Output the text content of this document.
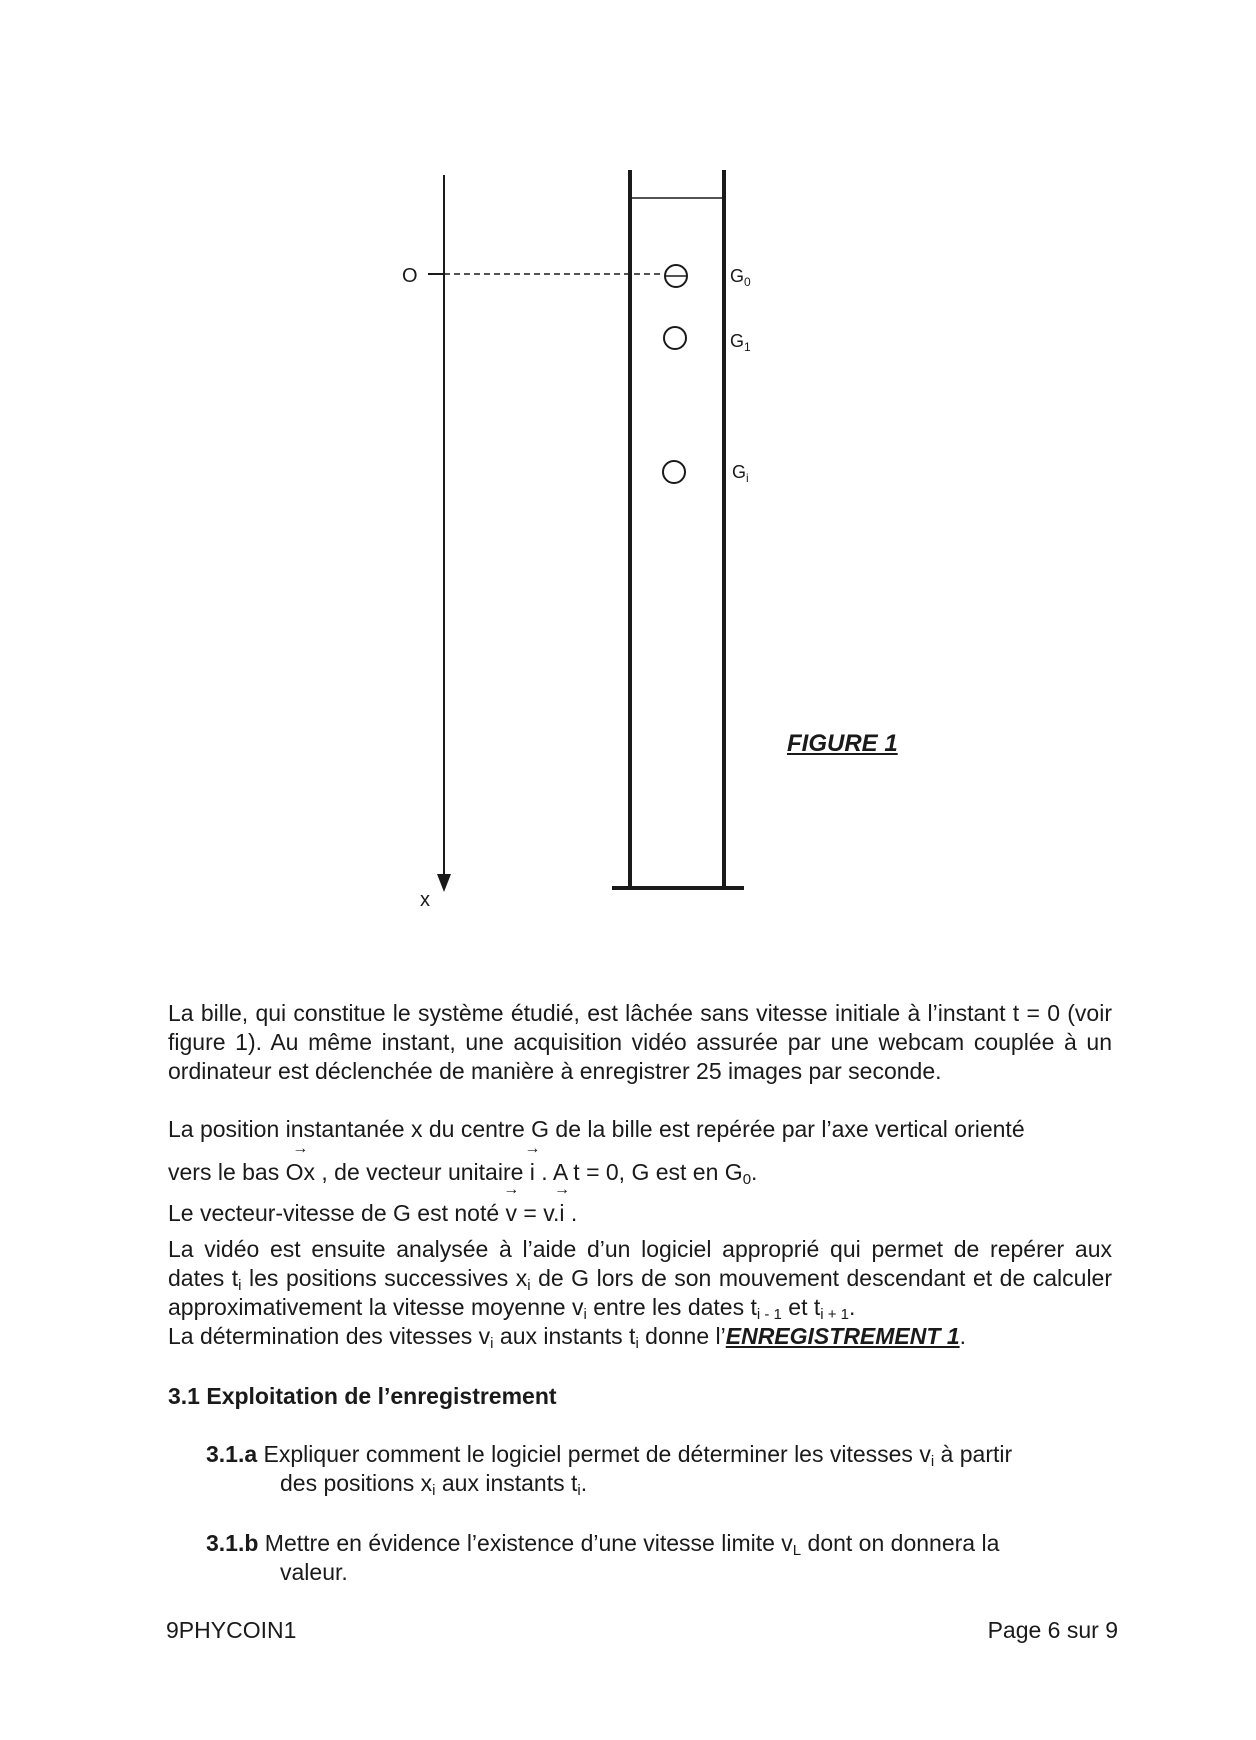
x
O	$G_0$
$G_1$
$G_i$
FIGURE 1
La bille, qui constitue le système étudié, est lâchée sans vitesse initiale à l’instant t = 0 (voir figure 1). Au même instant, une acquisition vidéo assurée par une webcam couplée à un ordinateur est déclenchée de manière à enregistrer 25 images par seconde.
La position instantanée x du centre G de la bille est repérée par l’axe vertical orienté
vers le bas → Ox , de vecteur unitaire → i . A t = 0, G est en $G_0$.
Le vecteur-vitesse de G est noté → v = v.→ i .
La vidéo est ensuite analysée à l’aide d’un logiciel approprié qui permet de repérer aux dates $t_i$ les positions successives $x_i$ de G lors de son mouvement descendant et de calculer approximativement la vitesse moyenne $v_i$ entre les dates $t_{i - 1}$ et $t_{i + 1}$.
La détermination des vitesses $v_i$ aux instants $t_i$ donne l’ENREGISTREMENT 1.
3.1 Exploitation de l’enregistrement
3.1.a Expliquer comment le logiciel permet de déterminer les vitesses $v_i$ à partir
des positions $x_i$ aux instants $t_i$.
3.1.b Mettre en évidence l’existence d’une vitesse limite $v_L$ dont on donnera la
valeur.
9PHYCOIN1	Page 6 sur 9
